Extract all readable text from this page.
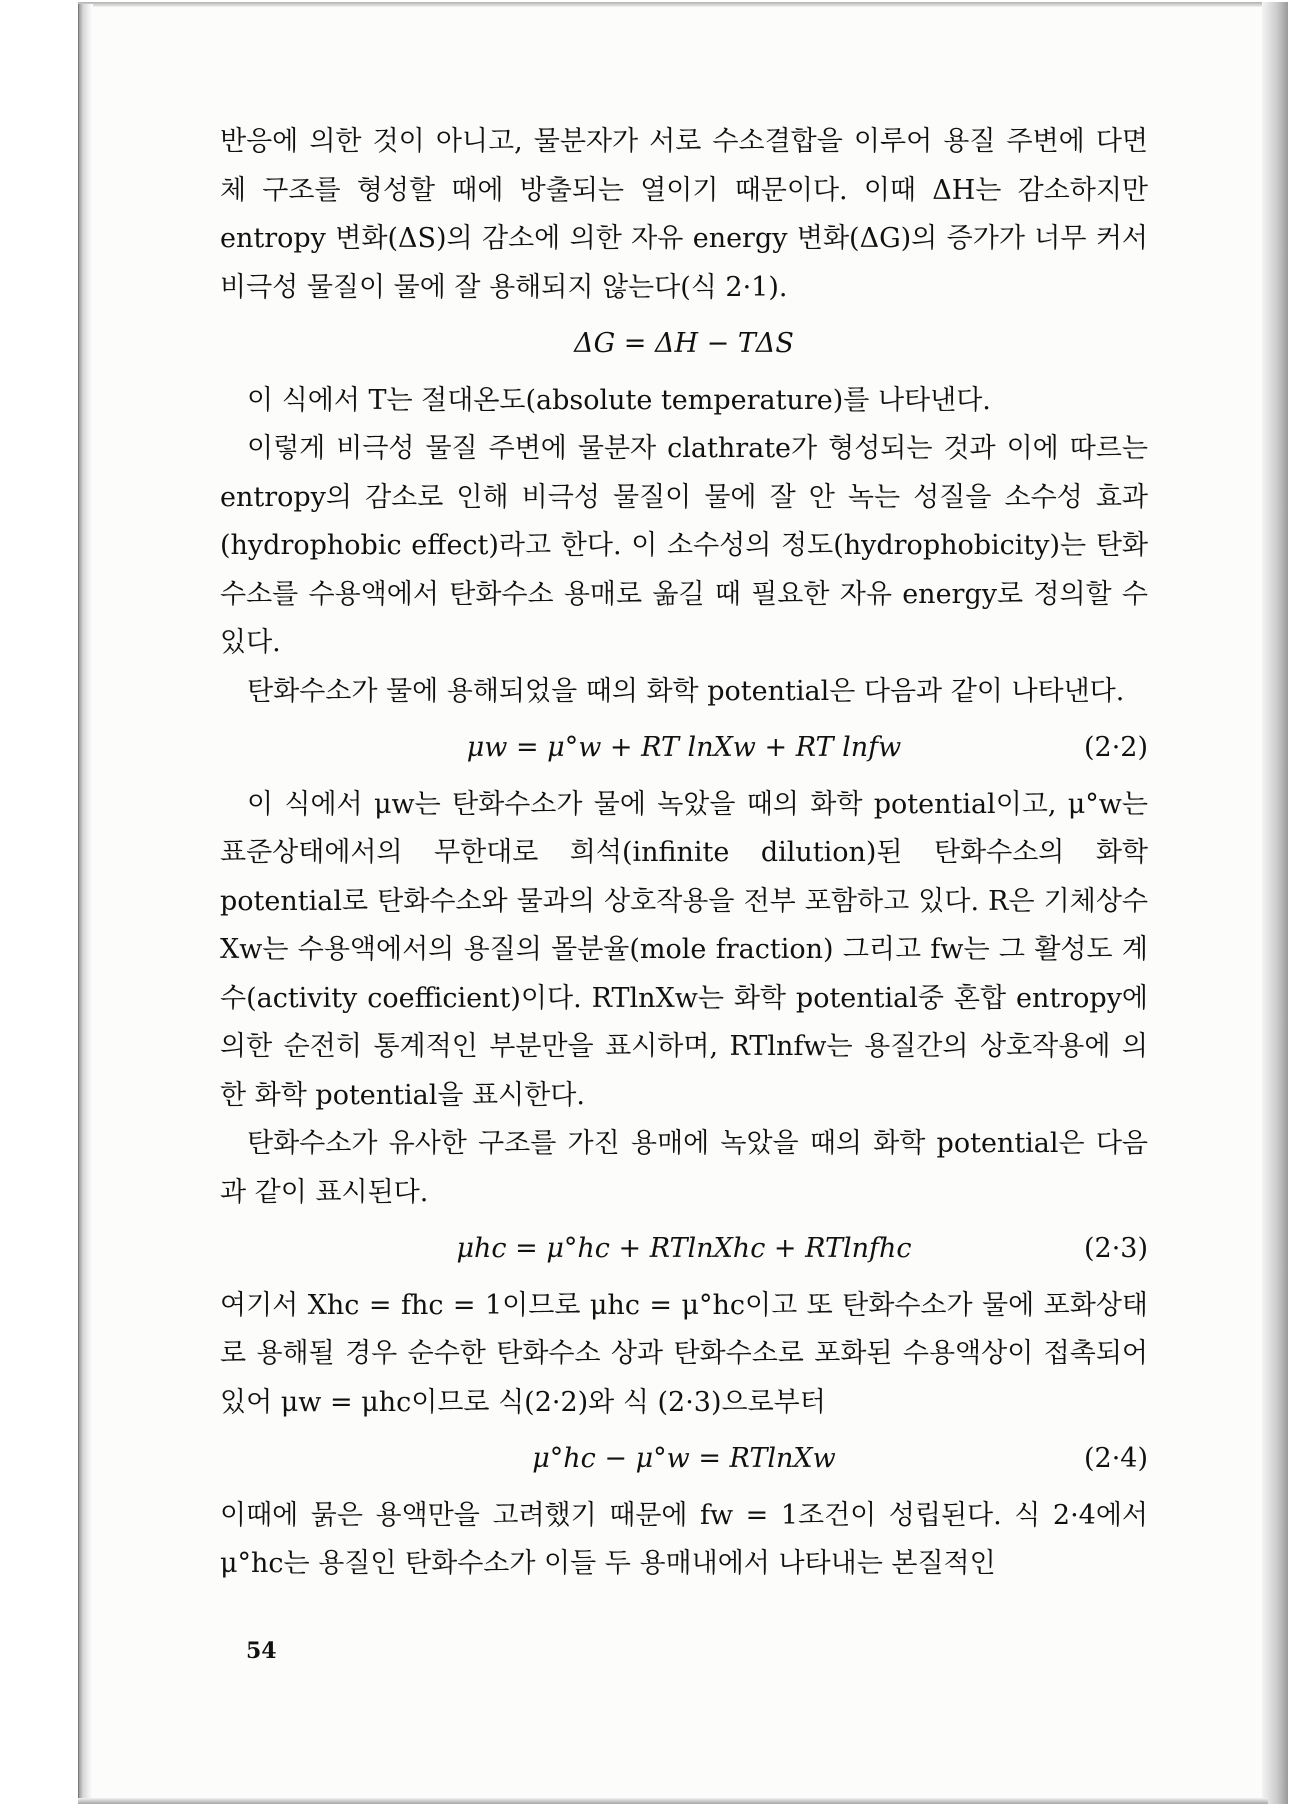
반응에 의한 것이 아니고, 물분자가 서로 수소결합을 이루어 용질 주변에 다면체 구조를 형성할 때에 방출되는 열이기 때문이다. 이때 ΔH는 감소하지만 entropy 변화(ΔS)의 감소에 의한 자유 energy 변화(ΔG)의 증가가 너무 커서 비극성 물질이 물에 잘 용해되지 않는다(식 2·1).

ΔG = ΔH − TΔS

이 식에서 T는 절대온도(absolute temperature)를 나타낸다.

이렇게 비극성 물질 주변에 물분자 clathrate가 형성되는 것과 이에 따르는 entropy의 감소로 인해 비극성 물질이 물에 잘 안 녹는 성질을 소수성 효과(hydrophobic effect)라고 한다. 이 소수성의 정도(hydrophobicity)는 탄화수소를 수용액에서 탄화수소 용매로 옮길 때 필요한 자유 energy로 정의할 수 있다.

탄화수소가 물에 용해되었을 때의 화학 potential은 다음과 같이 나타낸다.

μw = μ°w + RT lnXw + RT lnfw	(2·2)

이 식에서 μw는 탄화수소가 물에 녹았을 때의 화학 potential이고, μ°w는 표준상태에서의 무한대로 희석(infinite dilution)된 탄화수소의 화학 potential로 탄화수소와 물과의 상호작용을 전부 포함하고 있다. R은 기체상수 Xw는 수용액에서의 용질의 몰분율(mole fraction) 그리고 fw는 그 활성도 계수(activity coefficient)이다. RTlnXw는 화학 potential중 혼합 entropy에 의한 순전히 통계적인 부분만을 표시하며, RTlnfw는 용질간의 상호작용에 의한 화학 potential을 표시한다.

탄화수소가 유사한 구조를 가진 용매에 녹았을 때의 화학 potential은 다음과 같이 표시된다.

μhc = μ°hc + RTlnXhc + RTlnfhc	(2·3)

여기서 Xhc = fhc = 1이므로 μhc = μ°hc이고 또 탄화수소가 물에 포화상태로 용해될 경우 순수한 탄화수소 상과 탄화수소로 포화된 수용액상이 접촉되어 있어 μw = μhc이므로 식(2·2)와 식 (2·3)으로부터

μ°hc − μ°w = RTlnXw	(2·4)

이때에 묽은 용액만을 고려했기 때문에 fw = 1조건이 성립된다. 식 2·4에서 μ°hc는 용질인 탄화수소가 이들 두 용매내에서 나타내는 본질적인

54
